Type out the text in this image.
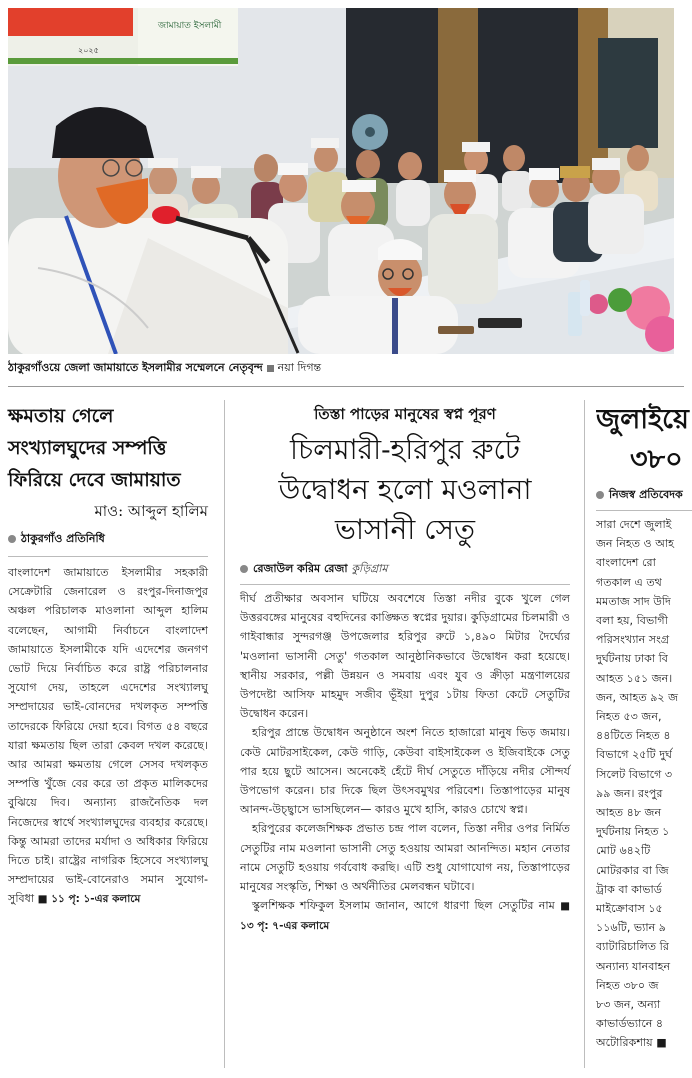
জামায়াত ইসলামী
২০২৫
ঠাকুরগাঁওয়ে জেলা জামায়াতে ইসলামীর সম্মেলনে নেতৃবৃন্দ নয়া দিগন্ত
ক্ষমতায় গেলে
সংখ্যালঘুদের সম্পত্তি
ফিরিয়ে দেবে জামায়াত
মাও: আব্দুল হালিম
ঠাকুরগাঁও প্রতিনিধি
বাংলাদেশ জামায়াতে ইসলামীর সহকারী সেক্রেটারি জেনারেল ও রংপুর-দিনাজপুর অঞ্চল পরিচালক মাওলানা আব্দুল হালিম বলেছেন, আগামী নির্বাচনে বাংলাদেশ জামায়াতে ইসলামীকে যদি এদেশের জনগণ ভোট দিয়ে নির্বাচিত করে রাষ্ট্র পরিচালনার সুযোগ দেয়, তাহলে এদেশের সংখ্যালঘু সম্প্রদায়ের ভাই-বোনদের দখলকৃত সম্পত্তি তাদেরকে ফিরিয়ে দেয়া হবে। বিগত ৫৪ বছরে যারা ক্ষমতায় ছিল তারা কেবল দখল করেছে। আর আমরা ক্ষমতায় গেলে সেসব দখলকৃত সম্পত্তি খুঁজে বের করে তা প্রকৃত মালিকদের বুঝিয়ে দিব। অন্যান্য রাজনৈতিক দল নিজেদের স্বার্থে সংখ্যালঘুদের ব্যবহার করেছে। কিন্তু আমরা তাদের মর্যাদা ও অধিকার ফিরিয়ে দিতে চাই। রাষ্ট্রের নাগরিক হিসেবে সংখ্যালঘু সম্প্রদায়ের ভাই-বোনেরাও সমান সুযোগ-সুবিধা ■ ১১ পৃ: ১-এর কলামে
তিস্তা পাড়ের মানুষের স্বপ্ন পূরণ
চিলমারী-হরিপুর রুটে
উদ্বোধন হলো মওলানা
ভাসানী সেতু
রেজাউল করিম রেজা কুড়িগ্রাম

দীর্ঘ প্রতীক্ষার অবসান ঘটিয়ে অবশেষে তিস্তা নদীর বুকে খুলে গেল উত্তরবঙ্গের মানুষের বহুদিনের কাঙ্ক্ষিত স্বপ্নের দুয়ার। কুড়িগ্রামের চিলমারী ও গাইবান্ধার সুন্দরগঞ্জ উপজেলার হরিপুর রুটে ১,৪৯০ মিটার দৈর্ঘ্যের 'মওলানা ভাসানী সেতু' গতকাল আনুষ্ঠানিকভাবে উদ্বোধন করা হয়েছে। স্থানীয় সরকার, পল্লী উন্নয়ন ও সমবায় এবং যুব ও ক্রীড়া মন্ত্রণালয়ের উপদেষ্টা আসিফ মাহমুদ সজীব ভূঁইয়া দুপুর ১টায় ফিতা কেটে সেতুটির উদ্বোধন করেন।

হরিপুর প্রান্তে উদ্বোধন অনুষ্ঠানে অংশ নিতে হাজারো মানুষ ভিড় জমায়। কেউ মোটরসাইকেল, কেউ গাড়ি, কেউবা বাইসাইকেল ও ইজিবাইকে সেতু পার হয়ে ছুটে আসেন। অনেকেই হেঁটে দীর্ঘ সেতুতে দাঁড়িয়ে নদীর সৌন্দর্য উপভোগ করেন। চার দিকে ছিল উৎসবমুখর পরিবেশ। তিস্তাপাড়ের মানুষ আনন্দ-উচ্ছ্বাসে ভাসছিলেন— কারও মুখে হাসি, কারও চোখে স্বপ্ন।

হরিপুরের কলেজশিক্ষক প্রভাত চন্দ্র পাল বলেন, তিস্তা নদীর ওপর নির্মিত সেতুটির নাম মওলানা ভাসানী সেতু হওয়ায় আমরা আনন্দিত। মহান নেতার নামে সেতুটি হওয়ায় গর্ববোধ করছি। এটি শুধু যোগাযোগ নয়, তিস্তাপাড়ের মানুষের সংস্কৃতি, শিক্ষা ও অর্থনীতির মেলবন্ধন ঘটাবে।

স্কুলশিক্ষক শফিকুল ইসলাম জানান, আগে ধারণা ছিল সেতুটির নাম ■ ১৩ পৃ: ৭-এর কলামে

জুলাইয়ে
৩৮০
নিজস্ব প্রতিবেদক
সারা দেশে জুলাই
জন নিহত ও আহ
বাংলাদেশ রো
গতকাল এ তথ
মমতাজ সাদ উদি
বলা হয়, বিভাগী
পরিসংখ্যান সংগ্র
দুর্ঘটনায় ঢাকা বি
আহত ১৫১ জন।
জন, আহত ৯২ জ
নিহত ৫৩ জন,
৪৪টিতে নিহত ৪
বিভাগে ২৫টি দুর্ঘ
সিলেট বিভাগে ৩
৯৯ জন। রংপুর
আহত ৪৮ জন
দুর্ঘটনায় নিহত ১
মোট ৬৪২টি
মোটরকার বা জি
ট্রাক বা কাভার্ড
মাইক্রোবাস ১৫
১১৬টি, ভ্যান ৯
ব্যাটারিচালিত রি
অন্যান্য যানবাহন
নিহত ৩৮০ জ
৮৩ জন, অন্যা
কাভার্ডভ্যানে ৪
অটোরিকশায় ■
